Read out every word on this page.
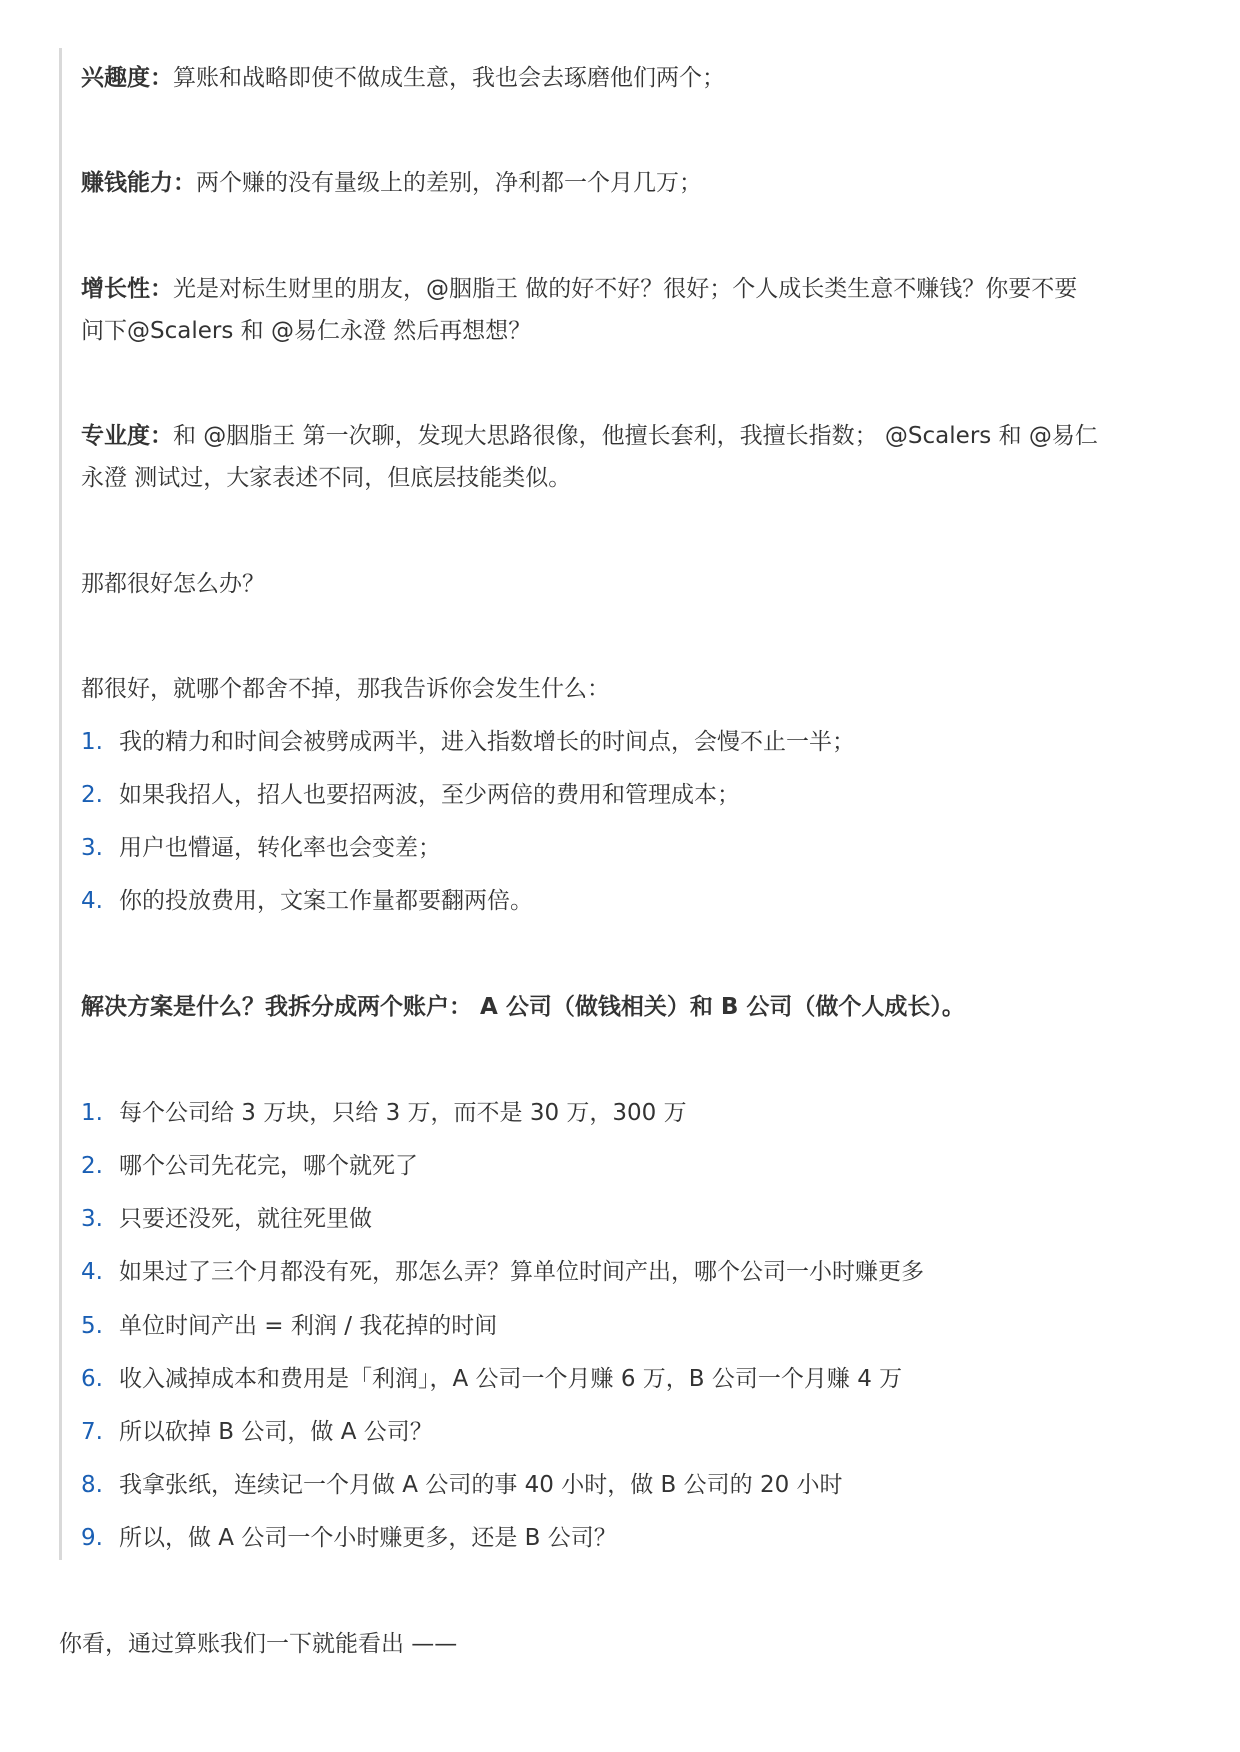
兴趣度：算账和战略即使不做成生意，我也会去琢磨他们两个；
赚钱能力：两个赚的没有量级上的差别，净利都一个月几万；
增长性：光是对标生财里的朋友，@胭脂王 做的好不好？很好；个人成长类生意不赚钱？你要不要
问下@Scalers 和 @易仁永澄 然后再想想？
专业度：和 @胭脂王 第一次聊，发现大思路很像，他擅长套利，我擅长指数； @Scalers 和 @易仁
永澄 测试过，大家表述不同，但底层技能类似。
那都很好怎么办？
都很好，就哪个都舍不掉，那我告诉你会发生什么：
1. 我的精力和时间会被劈成两半，进入指数增长的时间点，会慢不止一半；
2. 如果我招人，招人也要招两波，至少两倍的费用和管理成本；
3. 用户也懵逼，转化率也会变差；
4. 你的投放费用，文案工作量都要翻两倍。
解决方案是什么？我拆分成两个账户： A 公司（做钱相关）和 B 公司（做个人成长）。
1. 每个公司给 3 万块，只给 3 万，而不是 30 万，300 万
2. 哪个公司先花完，哪个就死了
3. 只要还没死，就往死里做
4. 如果过了三个月都没有死，那怎么弄？算单位时间产出，哪个公司一小时赚更多
5. 单位时间产出 = 利润 / 我花掉的时间
6. 收入减掉成本和费用是「利润」，A 公司一个月赚 6 万，B 公司一个月赚 4 万
7. 所以砍掉 B 公司，做 A 公司？
8. 我拿张纸，连续记一个月做 A 公司的事 40 小时，做 B 公司的 20 小时
9. 所以，做 A 公司一个小时赚更多，还是 B 公司？
你看，通过算账我们一下就能看出 ——
